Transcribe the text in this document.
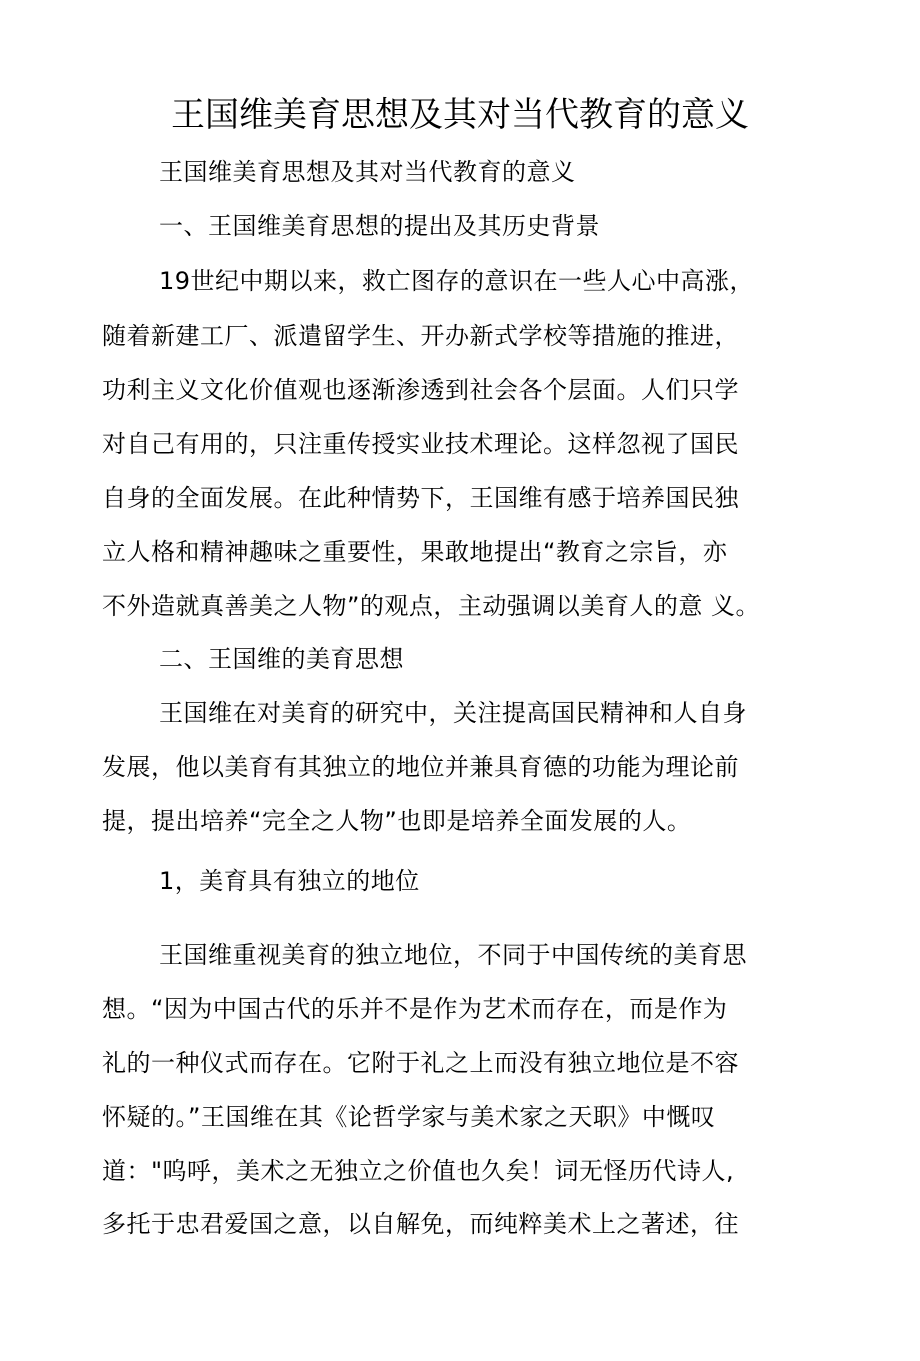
王国维美育思想及其对当代教育的意义
王国维美育思想及其对当代教育的意义
一、王国维美育思想的提出及其历史背景
19世纪中期以来，救亡图存的意识在一些人心中高涨，
随着新建工厂、派遣留学生、开办新式学校等措施的推进，
功利主义文化价值观也逐渐渗透到社会各个层面。人们只学
对自己有用的，只注重传授实业技术理论。这样忽视了国民
自身的全面发展。在此种情势下，王国维有感于培养国民独
立人格和精神趣味之重要性，果敢地提出“教育之宗旨，亦
不外造就真善美之人物”的观点，主动强调以美育人的意 义。
二、王国维的美育思想
王国维在对美育的研究中，关注提高国民精神和人自身
发展，他以美育有其独立的地位并兼具育德的功能为理论前
提，提出培养“完全之人物”也即是培养全面发展的人。
1，美育具有独立的地位
王国维重视美育的独立地位，不同于中国传统的美育思
想。“因为中国古代的乐并不是作为艺术而存在，而是作为
礼的一种仪式而存在。它附于礼之上而没有独立地位是不容
怀疑的。”王国维在其《论哲学家与美术家之天职》中慨叹
道："呜呼，美术之无独立之价值也久矣！词无怪历代诗人,
多托于忠君爱国之意，以自解免，而纯粹美术上之著述，往
